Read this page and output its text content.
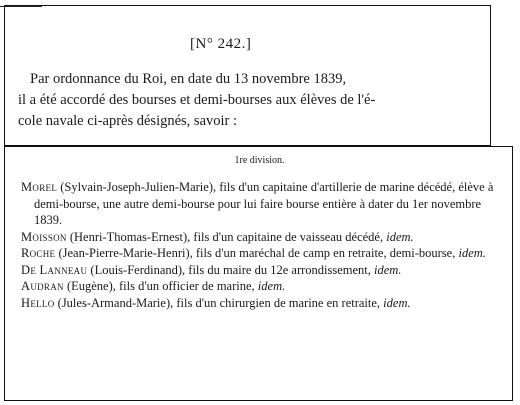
[N° 242.]
Par ordonnance du Roi, en date du 13 novembre 1839,
il a été accordé des bourses et demi-bourses aux élèves de l'é-
cole navale ci-après désignés, savoir :
1re division.

Morel (Sylvain-Joseph-Julien-Marie), fils d'un capitaine d'artillerie de marine décédé, élève à demi-bourse, une autre demi-bourse pour lui faire bourse entière à dater du 1er novembre 1839.

Moisson (Henri-Thomas-Ernest), fils d'un capitaine de vaisseau décédé, idem.

Roche (Jean-Pierre-Marie-Henri), fils d'un maréchal de camp en retraite, demi-bourse, idem.

De Lanneau (Louis-Ferdinand), fils du maire du 12e arrondissement, idem.

Audran (Eugène), fils d'un officier de marine, idem.

Hello (Jules-Armand-Marie), fils d'un chirurgien de marine en retraite, idem.
